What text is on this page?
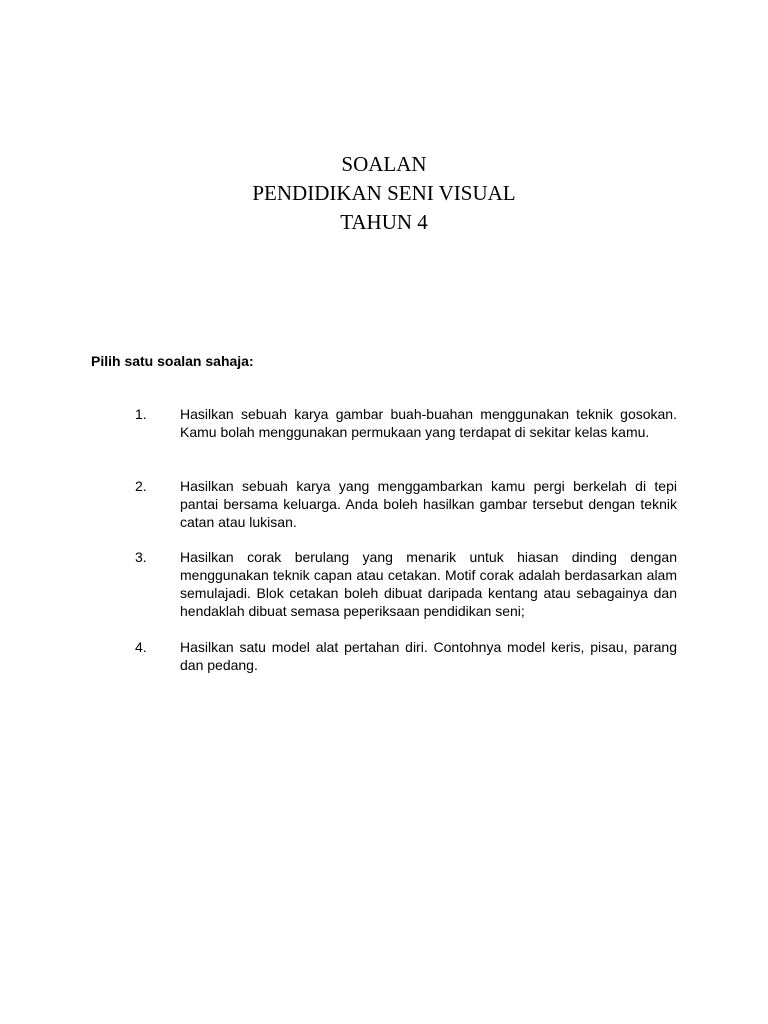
SOALAN
PENDIDIKAN SENI VISUAL
TAHUN 4
Pilih satu soalan sahaja:
1. Hasilkan sebuah karya gambar buah-buahan menggunakan teknik gosokan. Kamu bolah menggunakan permukaan yang terdapat di sekitar kelas kamu.
2. Hasilkan sebuah karya yang menggambarkan kamu pergi berkelah di tepi pantai bersama keluarga. Anda boleh hasilkan gambar tersebut dengan teknik catan atau lukisan.
3. Hasilkan corak berulang yang menarik untuk hiasan dinding dengan menggunakan teknik capan atau cetakan. Motif corak adalah berdasarkan alam semulajadi. Blok cetakan boleh dibuat daripada kentang atau sebagainya dan hendaklah dibuat semasa peperiksaan pendidikan seni;
4. Hasilkan satu model alat pertahan diri. Contohnya model keris, pisau, parang dan pedang.
